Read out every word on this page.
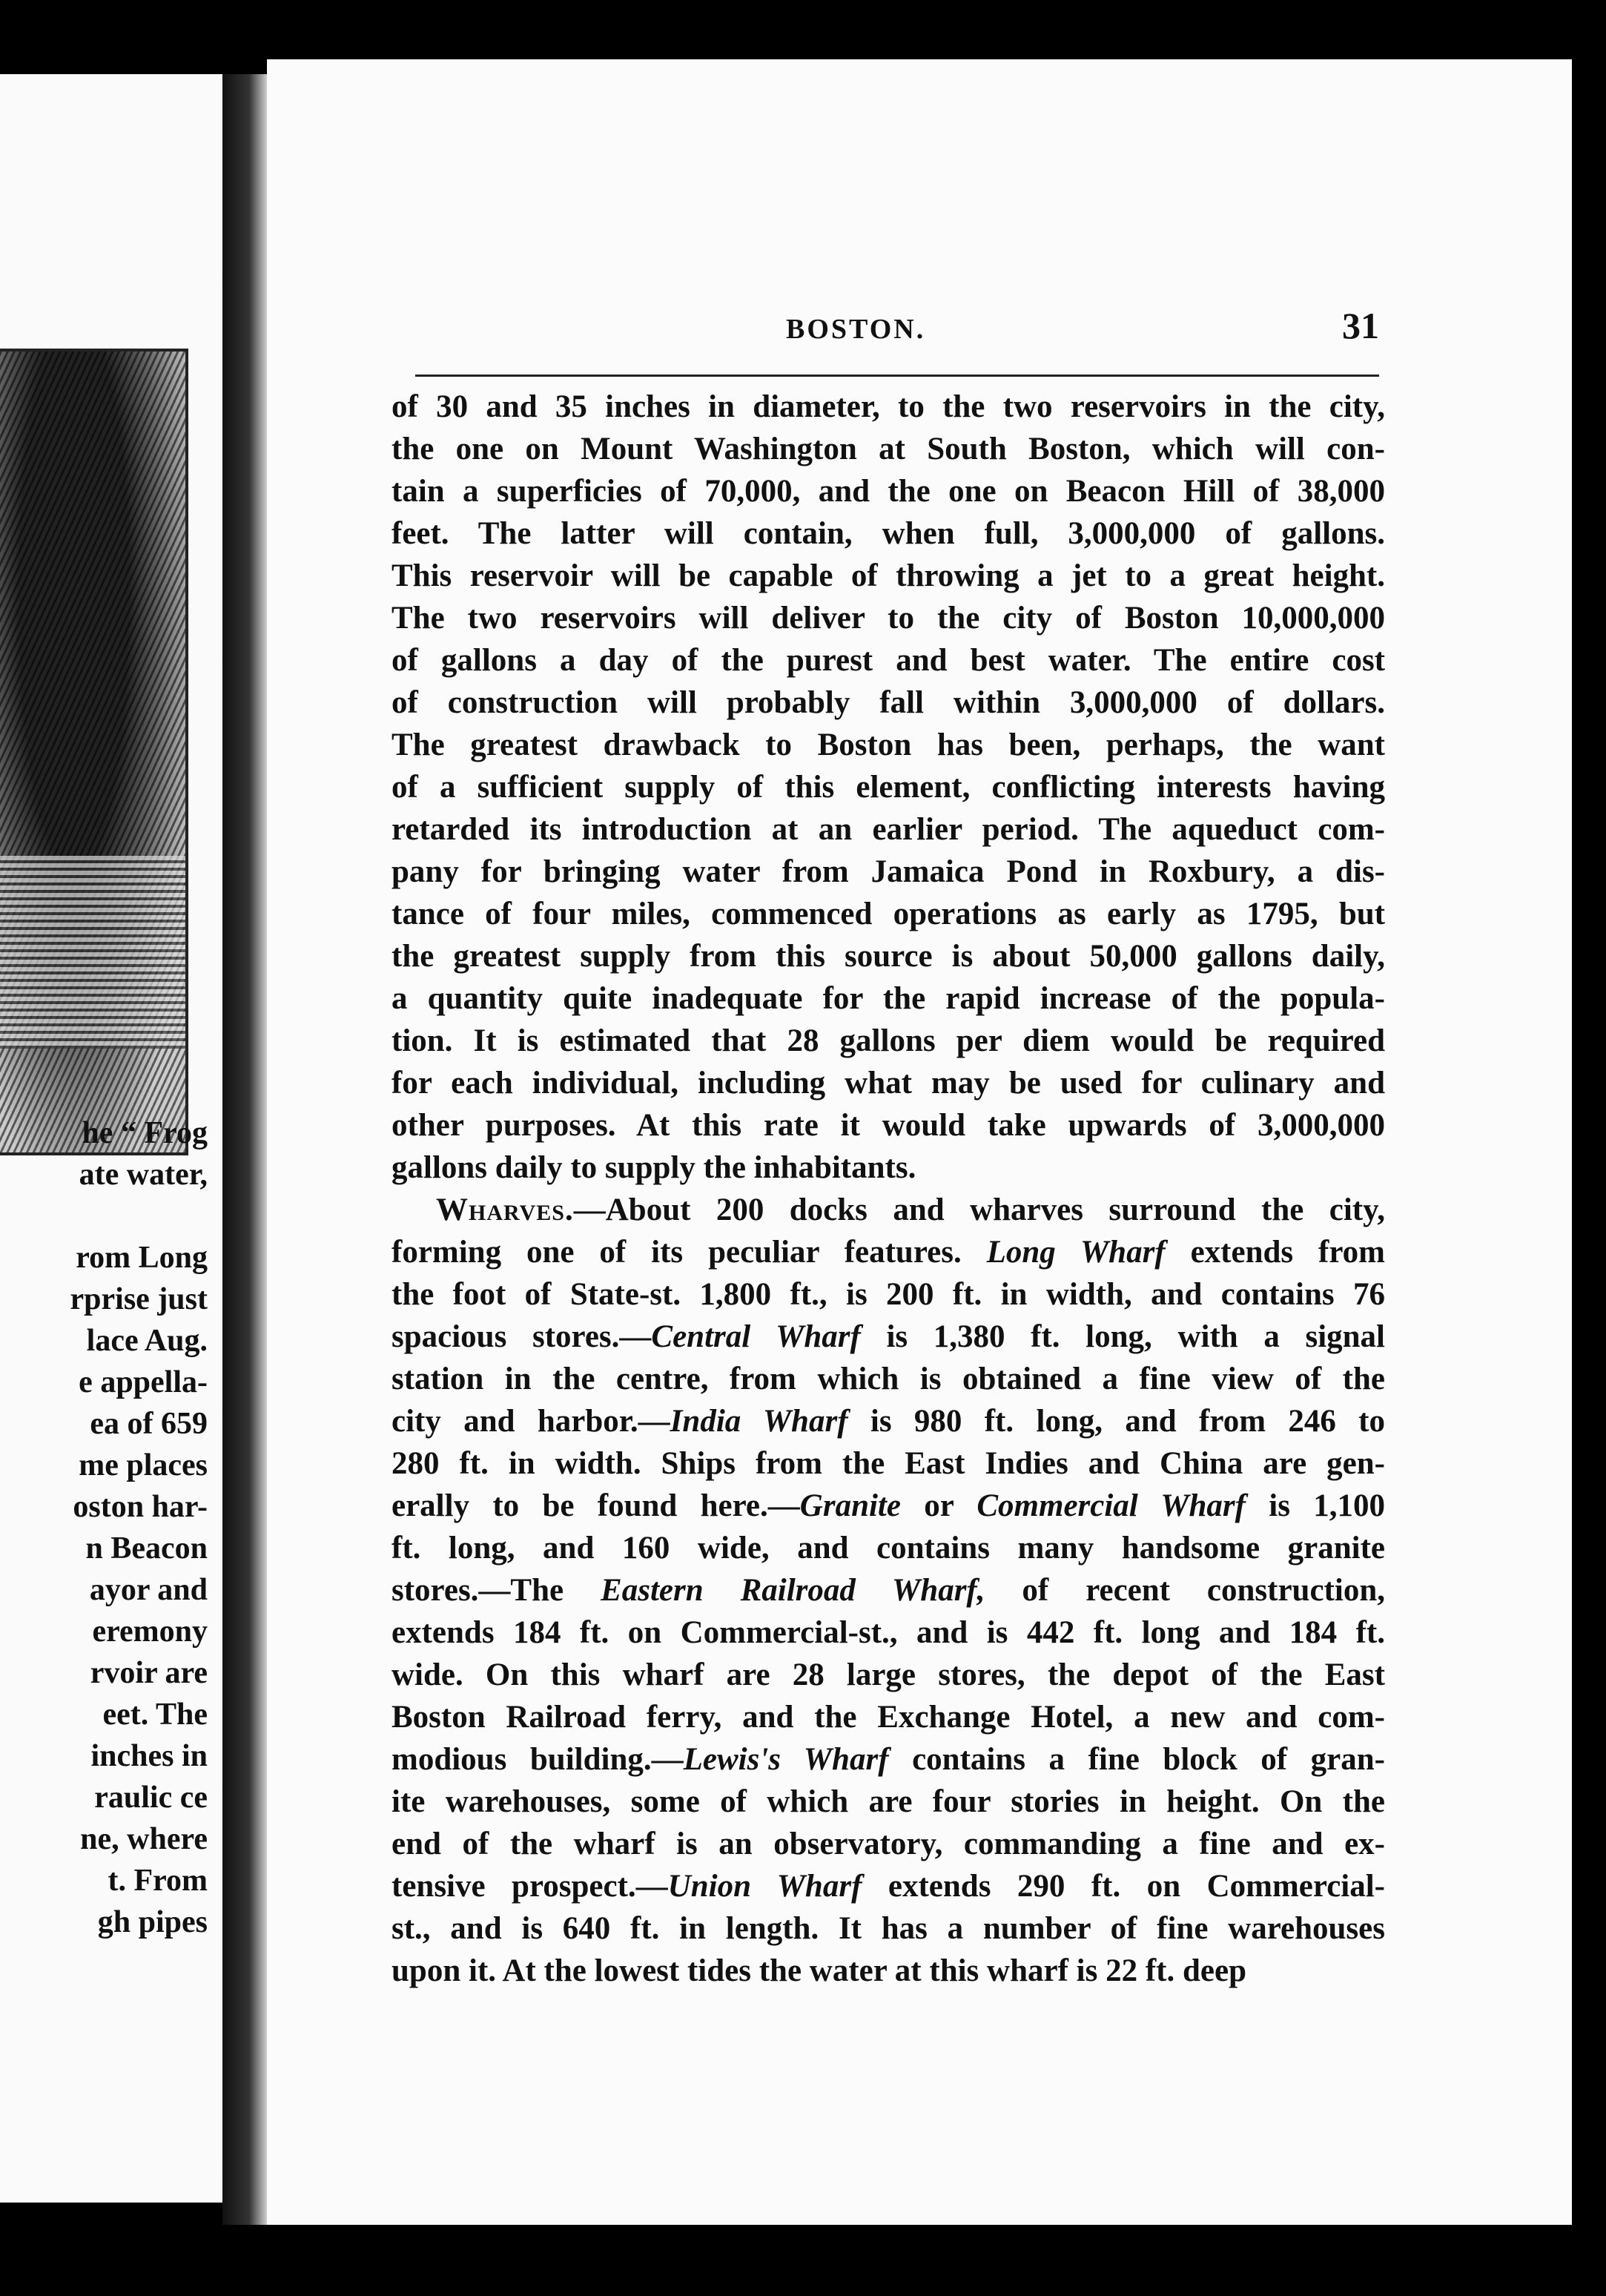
he “ Frog
ate water,
rom Long
rprise just
lace Aug.
e appella-
ea of 659
me places
oston har-
n Beacon
ayor and
eremony
rvoir are
eet. The
inches in
raulic ce
ne, where
t. From
gh pipes
BOSTON.	31
of 30 and 35 inches in diameter, to the two reservoirs in the city,
the one on Mount Washington at South Boston, which will con-
tain a superficies of 70,000, and the one on Beacon Hill of 38,000
feet. The latter will contain, when full, 3,000,000 of gallons.
This reservoir will be capable of throwing a jet to a great height.
The two reservoirs will deliver to the city of Boston 10,000,000
of gallons a day of the purest and best water. The entire cost
of construction will probably fall within 3,000,000 of dollars.
The greatest drawback to Boston has been, perhaps, the want
of a sufficient supply of this element, conflicting interests having
retarded its introduction at an earlier period. The aqueduct com-
pany for bringing water from Jamaica Pond in Roxbury, a dis-
tance of four miles, commenced operations as early as 1795, but
the greatest supply from this source is about 50,000 gallons daily,
a quantity quite inadequate for the rapid increase of the popula-
tion. It is estimated that 28 gallons per diem would be required
for each individual, including what may be used for culinary and
other purposes. At this rate it would take upwards of 3,000,000
gallons daily to supply the inhabitants.
Wharves.—About 200 docks and wharves surround the city,
forming one of its peculiar features. Long Wharf extends from
the foot of State-st. 1,800 ft., is 200 ft. in width, and contains 76
spacious stores.—Central Wharf is 1,380 ft. long, with a signal
station in the centre, from which is obtained a fine view of the
city and harbor.—India Wharf is 980 ft. long, and from 246 to
280 ft. in width. Ships from the East Indies and China are gen-
erally to be found here.—Granite or Commercial Wharf is 1,100
ft. long, and 160 wide, and contains many handsome granite
stores.—The Eastern Railroad Wharf, of recent construction,
extends 184 ft. on Commercial-st., and is 442 ft. long and 184 ft.
wide. On this wharf are 28 large stores, the depot of the East
Boston Railroad ferry, and the Exchange Hotel, a new and com-
modious building.—Lewis's Wharf contains a fine block of gran-
ite warehouses, some of which are four stories in height. On the
end of the wharf is an observatory, commanding a fine and ex-
tensive prospect.—Union Wharf extends 290 ft. on Commercial-
st., and is 640 ft. in length. It has a number of fine warehouses
upon it. At the lowest tides the water at this wharf is 22 ft. deep
